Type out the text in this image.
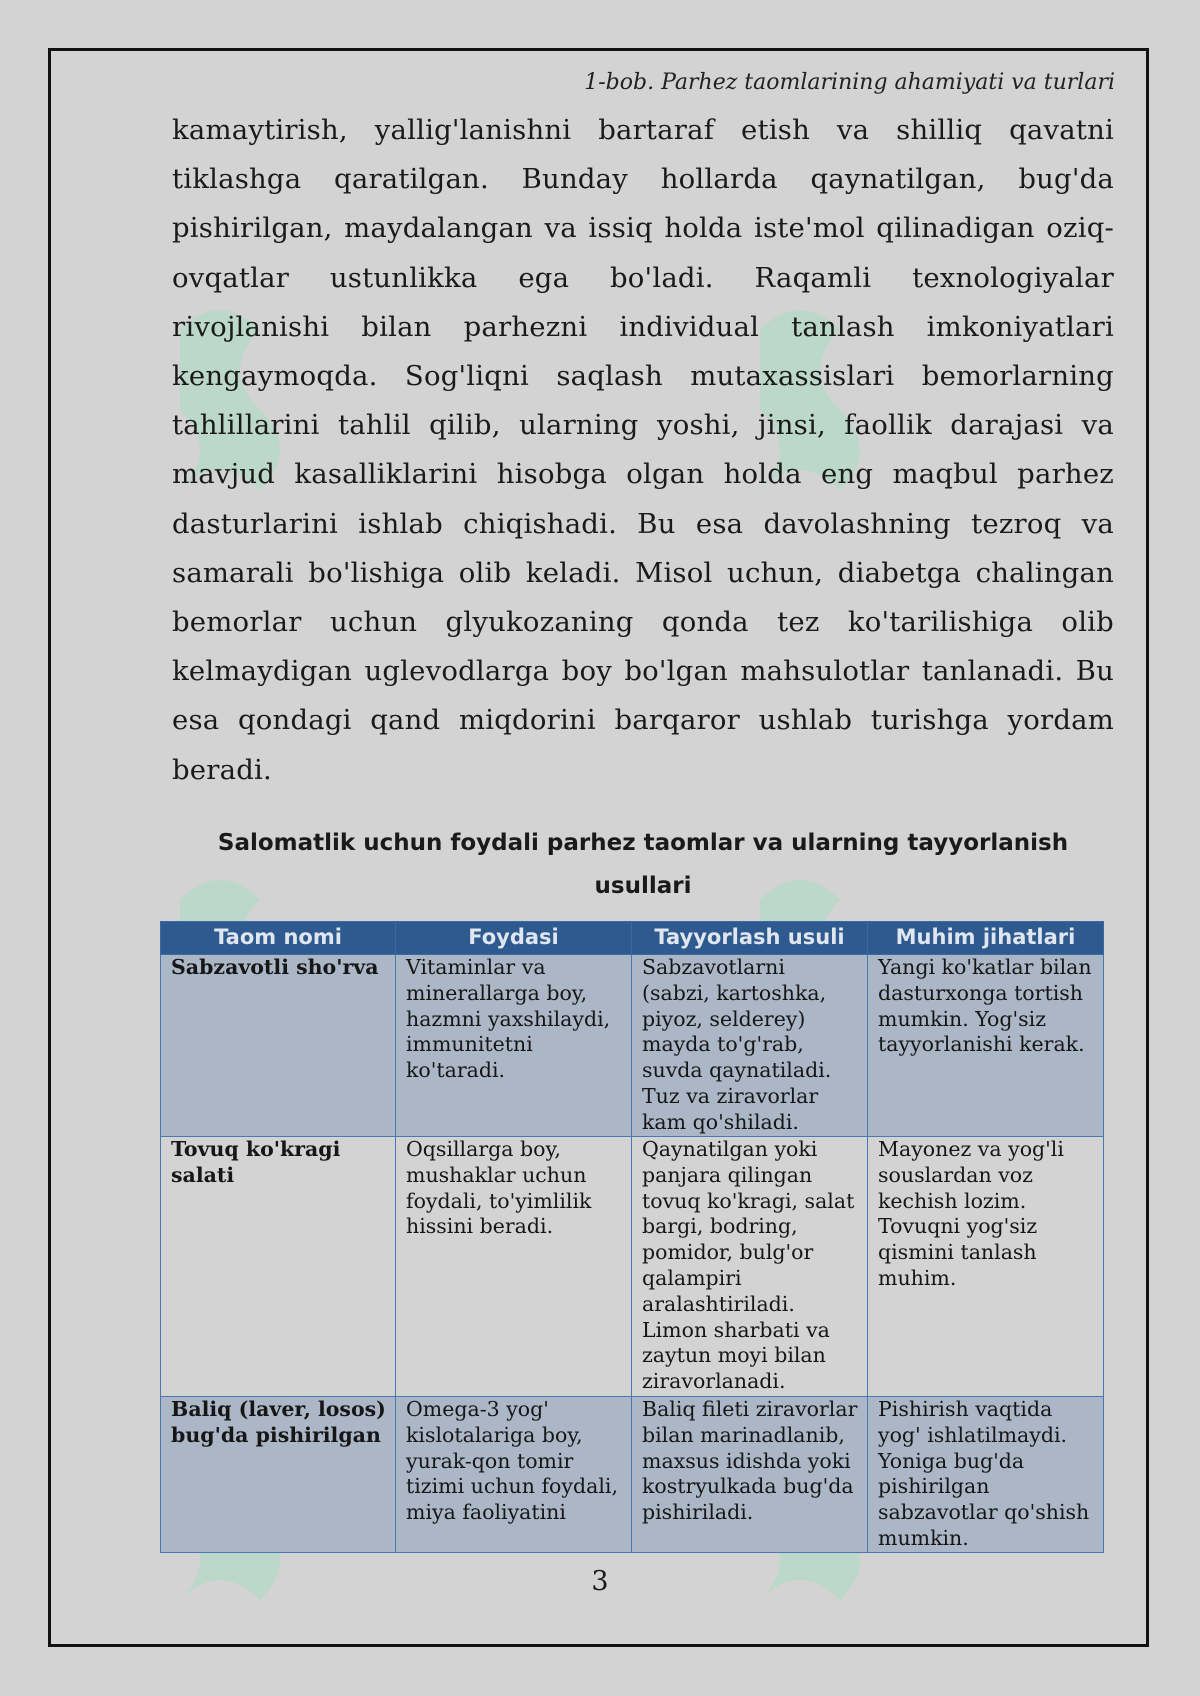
1-bob. Parhez taomlarining ahamiyati va turlari

kamaytirish, yallig'lanishni bartaraf etish va shilliq qavatni tiklashga qaratilgan. Bunday hollarda qaynatilgan, bug'da pishirilgan, maydalangan va issiq holda iste'mol qilinadigan oziq-ovqatlar ustunlikka ega bo'ladi. Raqamli texnologiyalar rivojlanishi bilan parhezni individual tanlash imkoniyatlari kengaymoqda. Sog'liqni saqlash mutaxassislari bemorlarning tahlillarini tahlil qilib, ularning yoshi, jinsi, faollik darajasi va mavjud kasalliklarini hisobga olgan holda eng maqbul parhez dasturlarini ishlab chiqishadi. Bu esa davolashning tezroq va samarali bo'lishiga olib keladi. Misol uchun, diabetga chalingan bemorlar uchun glyukozaning qonda tez ko'tarilishiga olib kelmaydigan uglevodlarga boy bo'lgan mahsulotlar tanlanadi. Bu esa qondagi qand miqdorini barqaror ushlab turishga yordam beradi.

Salomatlik uchun foydali parhez taomlar va ularning tayyorlanish usullari

Taom nomi	Foydasi	Tayyorlash usuli	Muhim jihatlari
Sabzavotli sho'rva	Vitaminlar va minerallarga boy, hazmni yaxshilaydi, immunitetni ko'taradi.	Sabzavotlarni (sabzi, kartoshka, piyoz, selderey) mayda to'g'rab, suvda qaynatiladi. Tuz va ziravorlar kam qo'shiladi.	Yangi ko'katlar bilan dasturxonga tortish mumkin. Yog'siz tayyorlanishi kerak.
Tovuq ko'kragi salati	Oqsillarga boy, mushaklar uchun foydali, to'yimlilik hissini beradi.	Qaynatilgan yoki panjara qilingan tovuq ko'kragi, salat bargi, bodring, pomidor, bulg'or qalampiri aralashtiriladi. Limon sharbati va zaytun moyi bilan ziravorlanadi.	Mayonez va yog'li souslardan voz kechish lozim. Tovuqni yog'siz qismini tanlash muhim.
Baliq (laver, losos) bug'da pishirilgan	Omega-3 yog' kislotalariga boy, yurak-qon tomir tizimi uchun foydali, miya faoliyatini	Baliq fileti ziravorlar bilan marinadlanib, maxsus idishda yoki kostryulkada bug'da pishiriladi.	Pishirish vaqtida yog' ishlatilmaydi. Yoniga bug'da pishirilgan sabzavotlar qo'shish mumkin.
3
